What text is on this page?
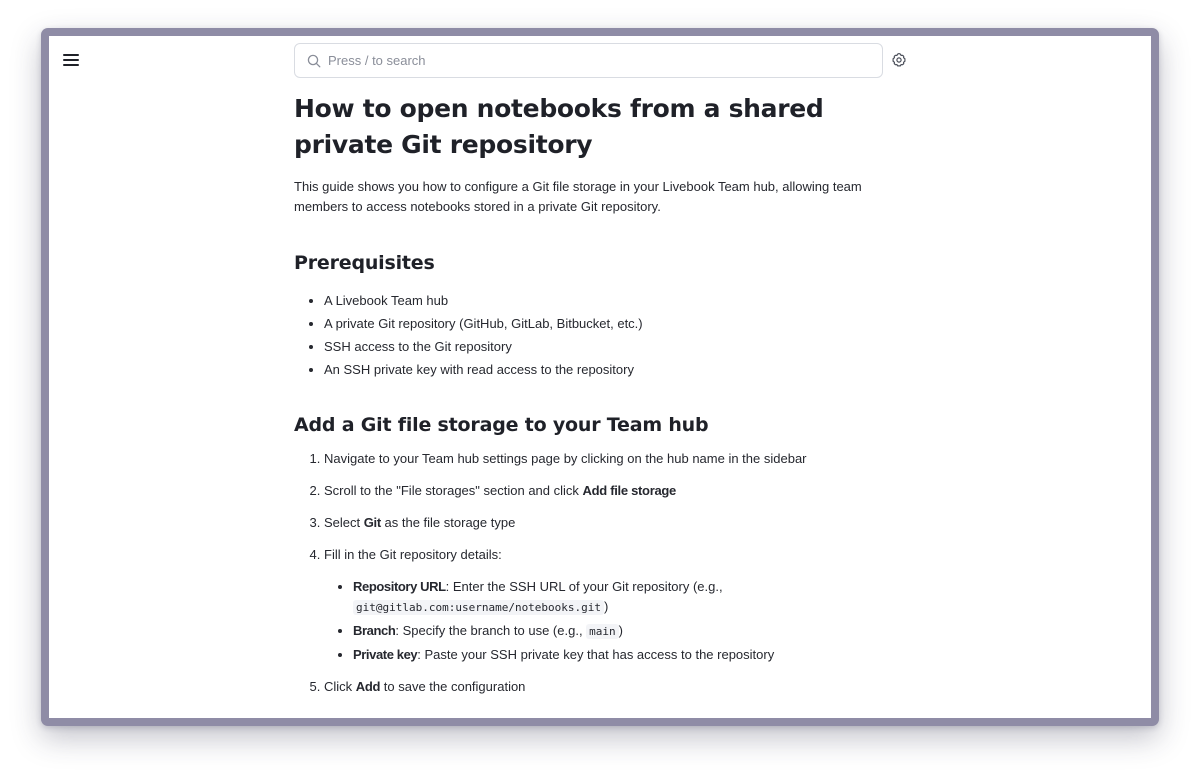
Press / to search
How to open notebooks from a shared private Git repository

This guide shows you how to configure a Git file storage in your Livebook Team hub, allowing team members to access notebooks stored in a private Git repository.

Prerequisites
• A Livebook Team hub
• A private Git repository (GitHub, GitLab, Bitbucket, etc.)
• SSH access to the Git repository
• An SSH private key with read access to the repository
Add a Git file storage to your Team hub
1. Navigate to your Team hub settings page by clicking on the hub name in the sidebar
2. Scroll to the "File storages" section and click Add file storage
3. Select Git as the file storage type
4. Fill in the Git repository details:
• Repository URL: Enter the SSH URL of your Git repository (e.g., git@gitlab.com:username/notebooks.git )
• Branch: Specify the branch to use (e.g., main )
• Private key: Paste your SSH private key that has access to the repository
5. Click Add to save the configuration
